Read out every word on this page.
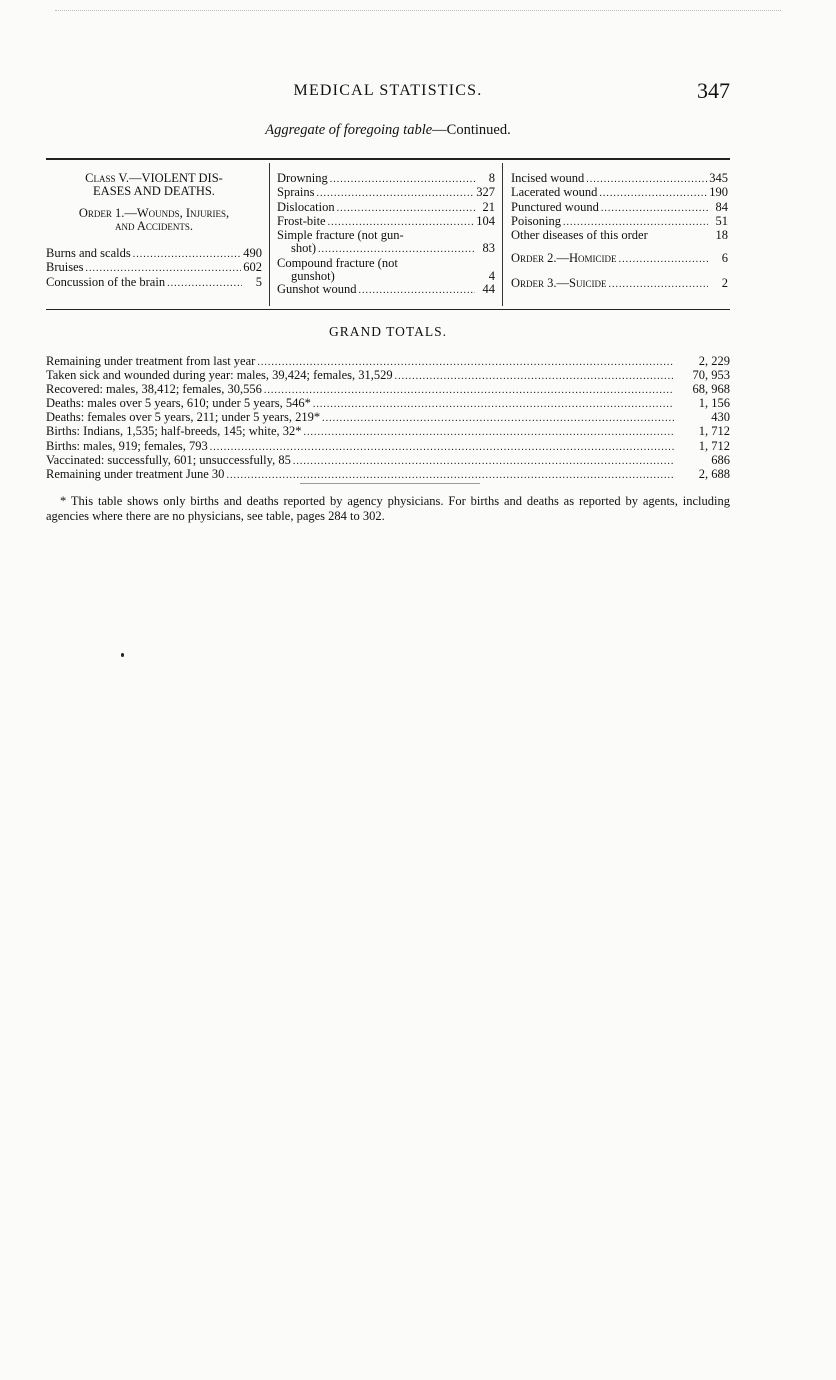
MEDICAL STATISTICS.	347
Aggregate of foregoing table—Continued.
Class V.—VIOLENT DIS-
EASES AND DEATHS.
Order 1.—Wounds, Injuries,
and Accidents.
Burns and scalds .....	490
Bruises .....	602
Concussion of the brain .....	5
Drowning .....	8
Sprains .....	327
Dislocation .....	21
Frost-bite .....	104
Simple fracture (not gun-
shot) .....	83
Compound fracture (not
gunshot)	4
Gunshot wound .....	44
Incised wound .....	345
Lacerated wound .....	190
Punctured wound .....	84
Poisoning .....	51
Other diseases of this order	18
Order 2.—Homicide .....	6
Order 3.—Suicide .....	2
GRAND TOTALS.
Remaining under treatment from last year .....	2, 229
Taken sick and wounded during year: males, 39,424; females, 31,529 .....	70, 953
Recovered: males, 38,412; females, 30,556 .....	68, 968
Deaths: males over 5 years, 610; under 5 years, 546* .....	1, 156
Deaths: females over 5 years, 211; under 5 years, 219* .....	430
Births: Indians, 1,535; half-breeds, 145; white, 32* .....	1, 712
Births: males, 919; females, 793 .....	1, 712
Vaccinated: successfully, 601; unsuccessfully, 85 .....	686
Remaining under treatment June 30 .....	2, 688
* This table shows only births and deaths reported by agency physicians. For births and deaths as reported by agents, including agencies where there are no physicians, see table, pages 284 to 302.
